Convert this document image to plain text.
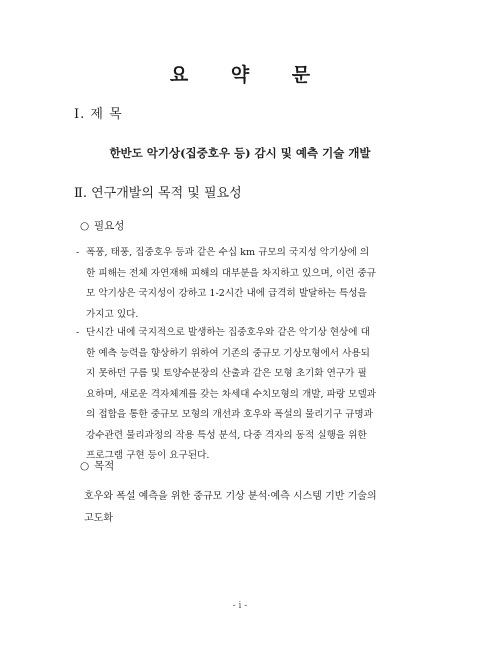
요 약 문
Ⅰ. 제 목
한반도 악기상(집중호우 등) 감시 및 예측 기술 개발
Ⅱ. 연구개발의 목적 및 필요성
○ 필요성
- 폭풍, 태풍, 집중호우 등과 같은 수십 km 규모의 국지성 악기상에 의

한 피해는 전체 자연재해 피해의 대부분을 차지하고 있으며, 이런 중규

모 악기상은 국지성이 강하고 1-2시간 내에 급격히 발달하는 특성을

가지고 있다.

- 단시간 내에 국지적으로 발생하는 집중호우와 같은 악기상 현상에 대

한 예측 능력을 향상하기 위하여 기존의 중규모 기상모형에서 사용되

지 못하던 구름 및 토양수분장의 산출과 같은 모형 초기화 연구가 필

요하며, 새로운 격자체계를 갖는 차세대 수치모형의 개발, 파랑 모델과

의 접합을 통한 중규모 모형의 개선과 호우와 폭설의 물리기구 규명과

강수관련 물리과정의 작용 특성 분석, 다중 격자의 동적 실행을 위한

프로그램 구현 등이 요구된다.

○ 목적
호우와 폭설 예측을 위한 중규모 기상 분석·예측 시스템 기반 기술의
고도화
- i -
